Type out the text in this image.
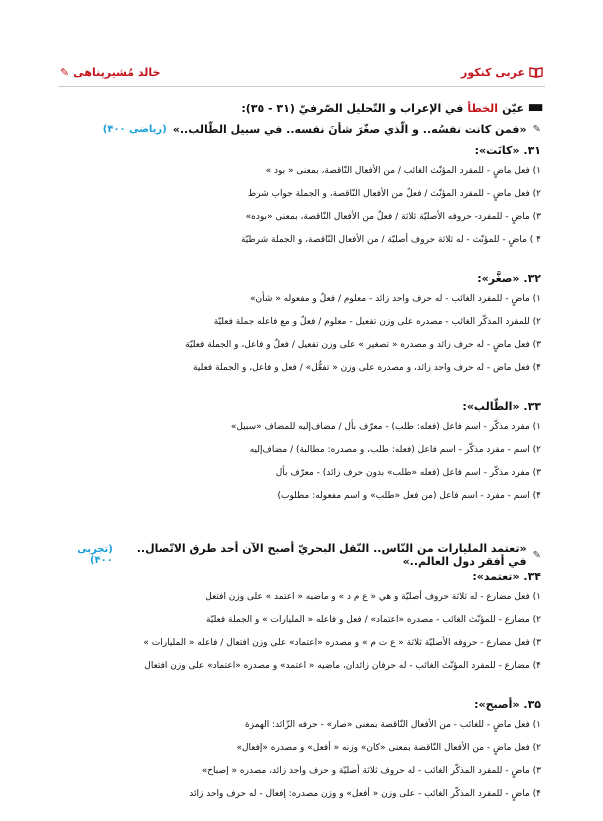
عربی کنکور
خالد مُشیرپناهی
✎
■■
عیّن
الخطأ
في الإعراب و التّحليل الصّرفيّ (٣١ - ٣٥):
✎
«فمن كانت نفسُه.. و الّذي صغّرَ شأنَ نفسه.. في سبيل الطّالب..»
(رياضی ۴۰۰)
۳۱. «كانَت»:
۱) فعل ماضٍ - للمفرد المؤنّث الغائب / من الأفعال النّاقصة، بمعنى « بود »
۲) فعل ماضٍ - للمفرد المؤنّث / فعلٌ من الأفعال النّاقصة، و الجملة جواب شرط
۳) ماضٍ - للمفرد- حروفه الأصليّة ثلاثة / فعلٌ من الأفعال النّاقصة، بمعنى «بوده»
۴ ) ماضٍ - للمؤنّث - له ثلاثة حروف أصليّة / من الأفعال النّاقصة، و الجملة شرطيّة
۳۲. «صغَّر»:
۱) ماضٍ - للمفرد الغائب - له حرف واحد زائد - معلوم / فعلٌ و مفعوله « شأن»
۲) للمفرد المذكّر الغائب - مصدره على وزن تفعيل - معلوم / فعلٌ و مع فاعله جملة فعليّة
۳) فعل ماضٍ - له حرف زائد و مصدره « تصغير » على وزن تفعيل / فعلٌ و فاعل، و الجملة فعليّة
۴) فعل ماض - له حرف واحد زائد، و مصدره على وزن « تفعُّل» / فعل و فاعل، و الجملة فعلية
۳۳. «الطّالب»:
۱) مفرد مذكّر - اسم فاعل (فعله: طلب) - معرّف بأل / مضاف‌إليه للمضاف «سبيل»
۲) اسم - مفرد مذكّر - اسم فاعل (فعله: طلب، و مصدره: مطالبة) / مضاف‌إليه
۳) مفرد مذكّر - اسم فاعل (فعله «طلب» بدون حرف زائد) - معرّف بأل
۴) اسم - مفرد - اسم فاعل (من فعل «طلب» و اسم مفعوله: مطلوب)
✎
«تعتمد المليارات من النّاس.. النّقل البحريّ أصبح الآن أحد طرق الاتّصال.. في أفقر دول العالم..»
(تجربی ۴۰۰)
۳۴. «تعتمد»:
۱) فعل مضارع - له ثلاثة حروف أصليّة و هي « ع م د » و ماضيه « اعتمد » على وزن افتعل
۲) مضارع - للمؤنّث الغائب - مصدره «اعتماد» / فعل و فاعله « المليارات » و الجملة فعليّة
۳) فعل مضارع - حروفه الأصليّة ثلاثة « ع ت م » و مصدره «اعتماد» على وزن افتعال / فاعله « المليارات »
۴) مضارع - للمفرد المؤنّث الغائب - له حرفان زائدان، ماضيه « اعتمد» و مصدره «اعتماد» على وزن افتعال
۳۵. «أصبح»:
۱) فعل ماضٍ - للغائب - من الأفعال النّاقصة بمعنى «صار» - حرفه الزّائد: الهمزة
۲) فعل ماضٍ - من الأفعال النّاقصة بمعنى «كان» وزنه « أفعل» و مصدره «إفعال»
۳) ماضٍ - للمفرد المذكّر الغائب - له حروف ثلاثة أصليّة و حرف واحد زائد، مصدره « إصباح»
۴) ماضٍ - للمفرد المذكّر الغائب - على وزن « أفعل» و وزن مصدره: إفعال - له حرف واحد زائد
